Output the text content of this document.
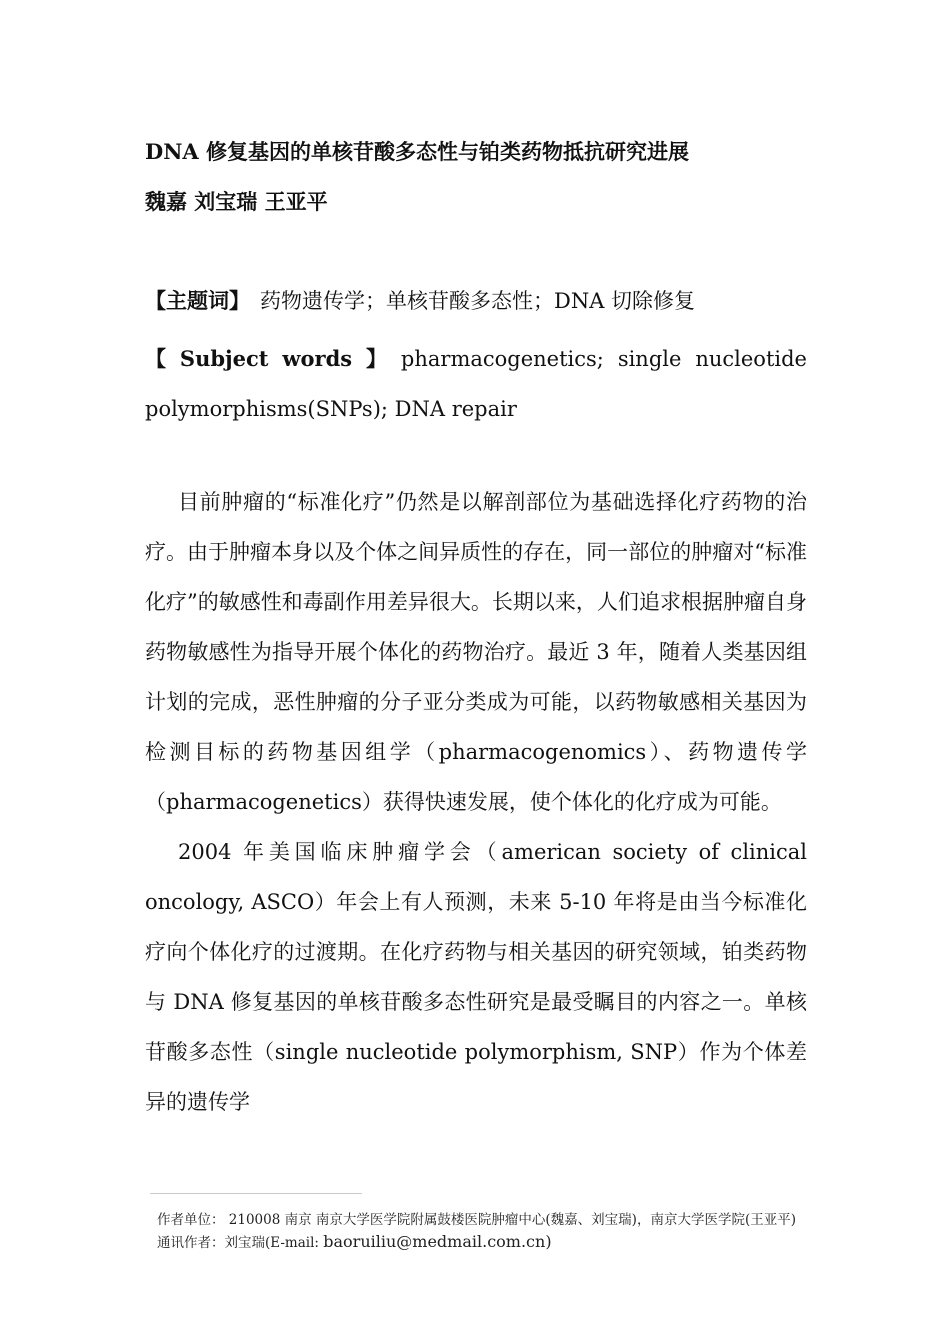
DNA 修复基因的单核苷酸多态性与铂类药物抵抗研究进展
魏嘉 刘宝瑞 王亚平
【主题词】 药物遗传学；单核苷酸多态性；DNA 切除修复
【 Subject words 】 pharmacogenetics; single nucleotide
polymorphisms(SNPs); DNA repair

目前肿瘤的“标准化疗”仍然是以解剖部位为基础选择化疗药物的治疗。由于肿瘤本身以及个体之间异质性的存在，同一部位的肿瘤对“标准化疗”的敏感性和毒副作用差异很大。长期以来，人们追求根据肿瘤自身药物敏感性为指导开展个体化的药物治疗。最近 3 年，随着人类基因组计划的完成，恶性肿瘤的分子亚分类成为可能，以药物敏感相关基因为检测目标的药物基因组学（pharmacogenomics）、药物遗传学（pharmacogenetics）获得快速发展，使个体化的化疗成为可能。

2004 年美国临床肿瘤学会（american society of clinical oncology, ASCO）年会上有人预测，未来 5-10 年将是由当今标准化疗向个体化疗的过渡期。在化疗药物与相关基因的研究领域，铂类药物与 DNA 修复基因的单核苷酸多态性研究是最受瞩目的内容之一。单核苷酸多态性（single nucleotide polymorphism, SNP）作为个体差异的遗传学

作者单位： 210008 南京 南京大学医学院附属鼓楼医院肿瘤中心(魏嘉、刘宝瑞)，南京大学医学院(王亚平)
通讯作者：刘宝瑞(E-mail: baoruiliu@medmail.com.cn)
